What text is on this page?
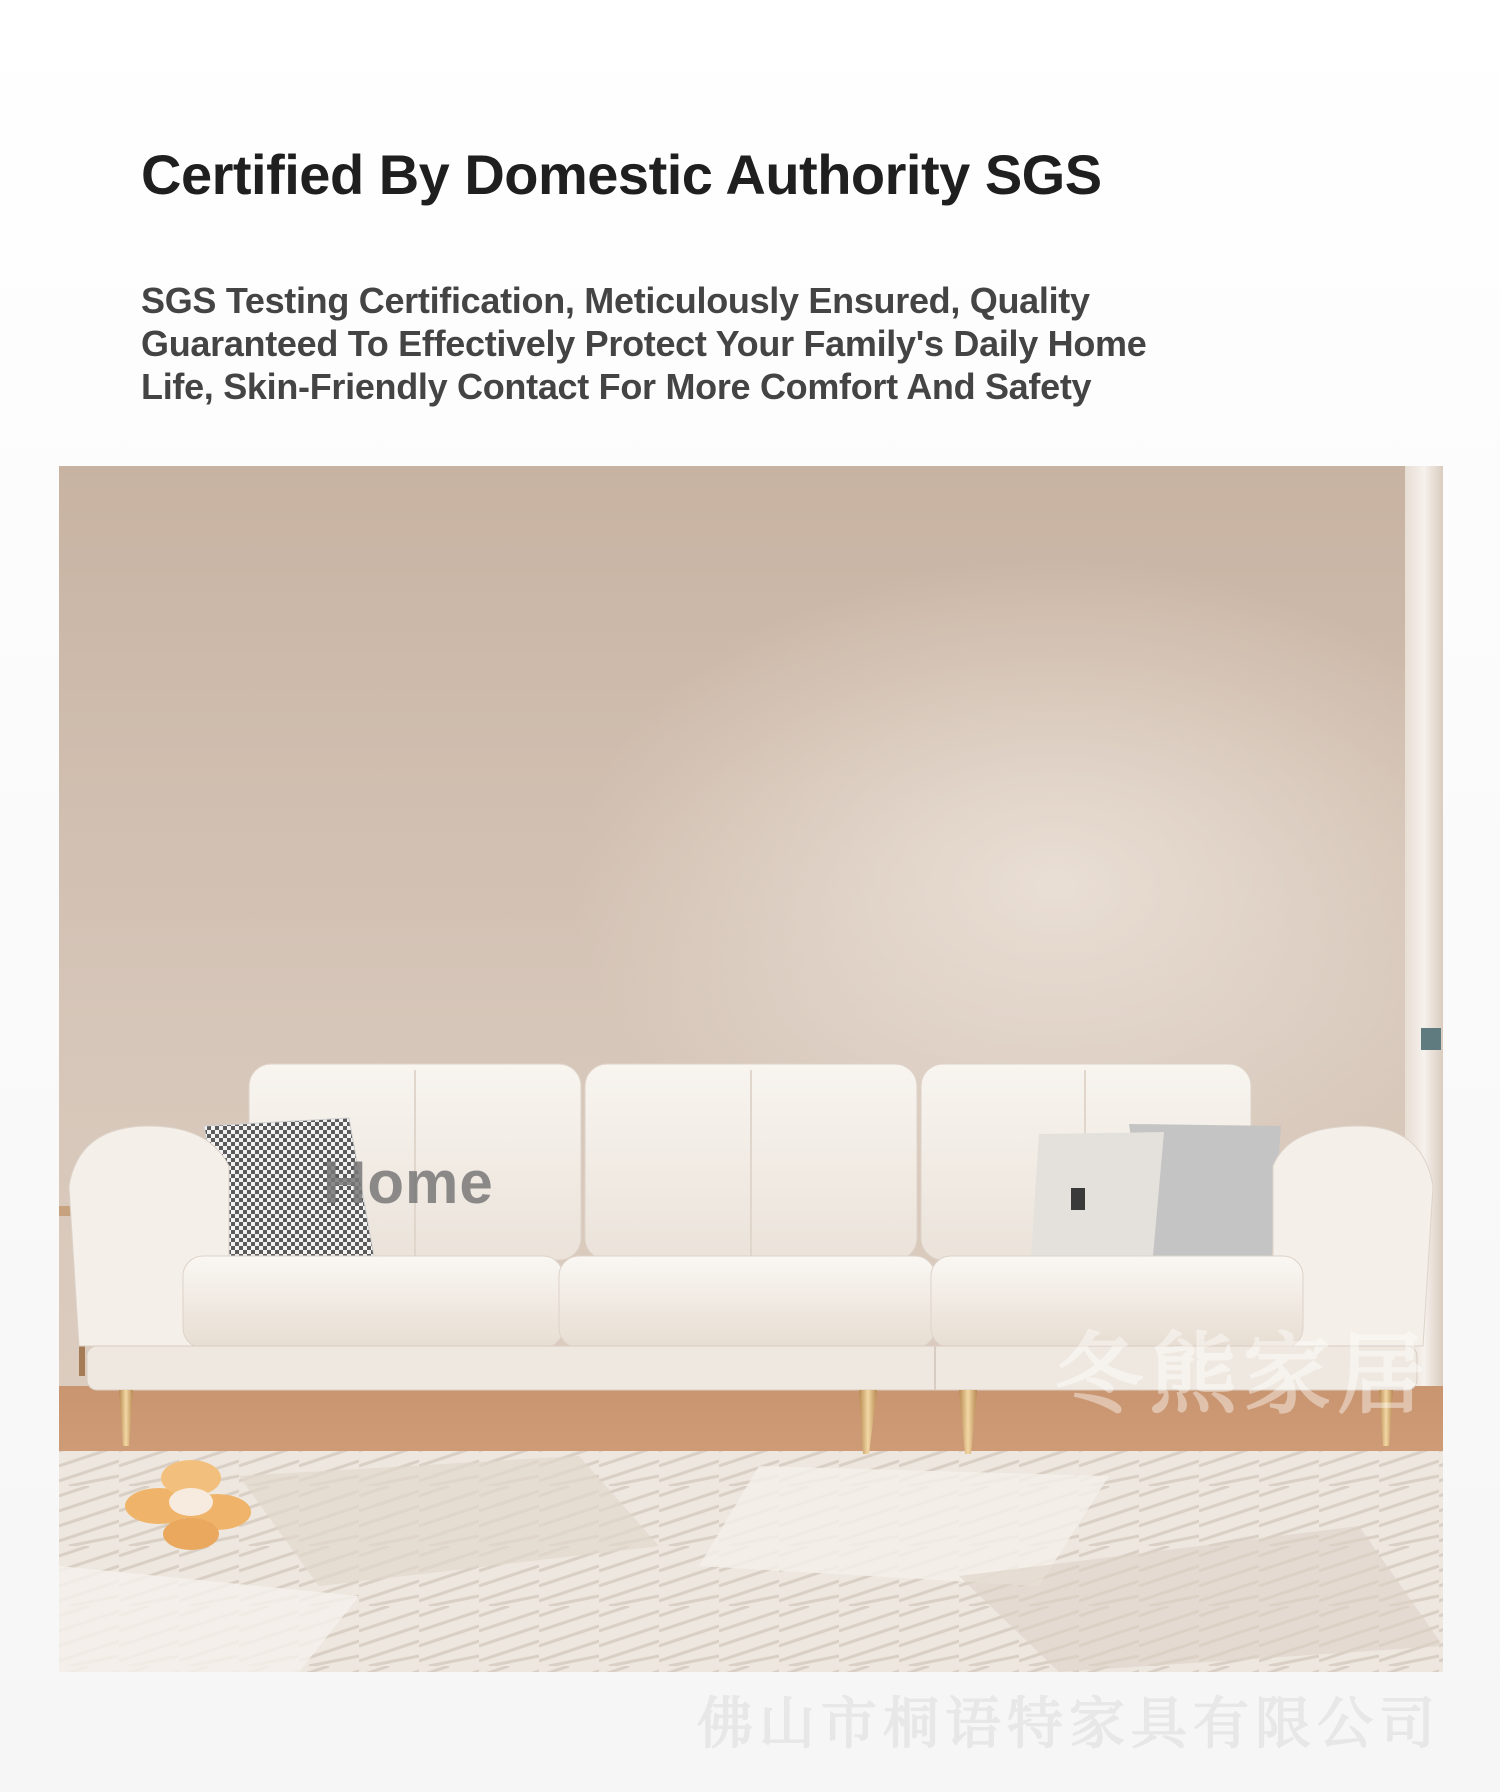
Certified By Domestic Authority SGS

SGS Testing Certification, Meticulously Ensured, Quality Guaranteed To Effectively Protect Your Family's Daily Home Life, Skin-Friendly Contact For More Comfort And Safety

Home
冬熊家居
佛山市桐语特家具有限公司
